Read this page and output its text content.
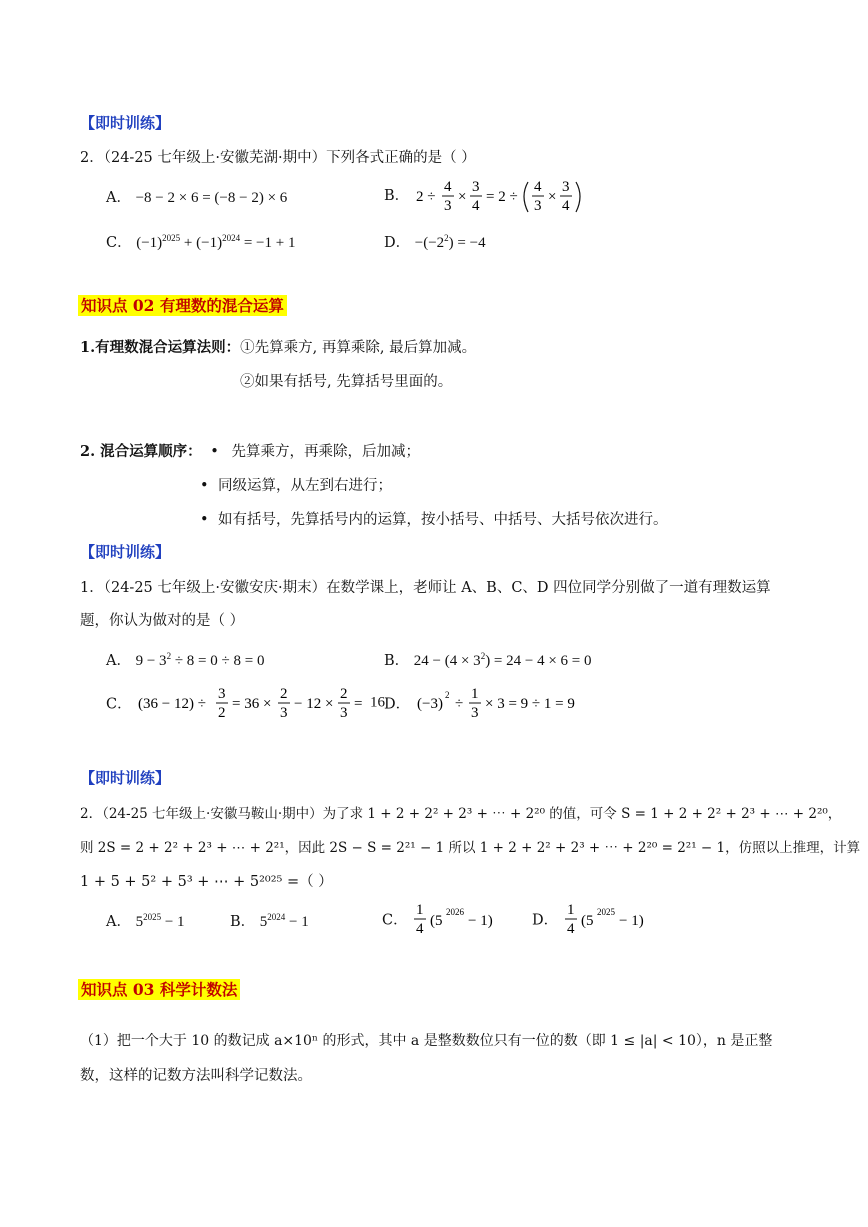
【即时训练】
2．（24-25 七年级上·安徽芜湖·期中）下列各式正确的是（ ）
A． −8 − 2 × 6 = (−8 − 2) × 6	B． 2 ÷
4
3
×
3
4
= 2 ÷
4
3
×
3
4
C． $(-1)^{2025} + (-1)^{2024} = -1 + 1$	D． $-(-2^2) = -4$
知识点 02 有理数的混合运算
1.有理数混合运算法则：①先算乘方, 再算乘除, 最后算加减。
②如果有括号, 先算括号里面的。
2. 混合运算顺序： • 先算乘方，再乘除，后加减；
• 同级运算，从左到右进行；
• 如有括号，先算括号内的运算，按小括号、中括号、大括号依次进行。
【即时训练】
1．（24-25 七年级上·安徽安庆·期末）在数学课上，老师让 A、B、C、D 四位同学分别做了一道有理数运算
题，你认为做对的是（ ）
A． $9 - 3^2 \div 8 = 0 \div 8 = 0$	B． $24 - (4 \times 3^2) = 24 - 4 \times 6 = 0$
C． (36 − 12) ÷
3
2
= 36 ×
2
3
− 12 ×
2
3
= 16 D． (−3)
2
÷
1
3
× 3 = 9 ÷ 1 = 9
【即时训练】
2．（24-25 七年级上·安徽马鞍山·期中）为了求 1 + 2 + 2² + 2³ + ⋯ + 2²⁰ 的值，可令 S = 1 + 2 + 2² + 2³ + ⋯ + 2²⁰，
则 2S = 2 + 2² + 2³ + ⋯ + 2²¹，因此 2S − S = 2²¹ − 1 所以 1 + 2 + 2² + 2³ + ⋯ + 2²⁰ = 2²¹ − 1，仿照以上推理，计算
1 + 5 + 5² + 5³ + ⋯ + 5²⁰²⁵ =（ ）
A． $5^{2025} - 1$	B． $5^{2024} - 1$	C．
1
4 (5
2026
− 1)	D．
1
4 (5
2025
− 1)
知识点 03 科学计数法
（1）把一个大于 10 的数记成 a×10ⁿ 的形式，其中 a 是整数数位只有一位的数（即 1 ≤ |a| < 10），n 是正整
数，这样的记数方法叫科学记数法。
